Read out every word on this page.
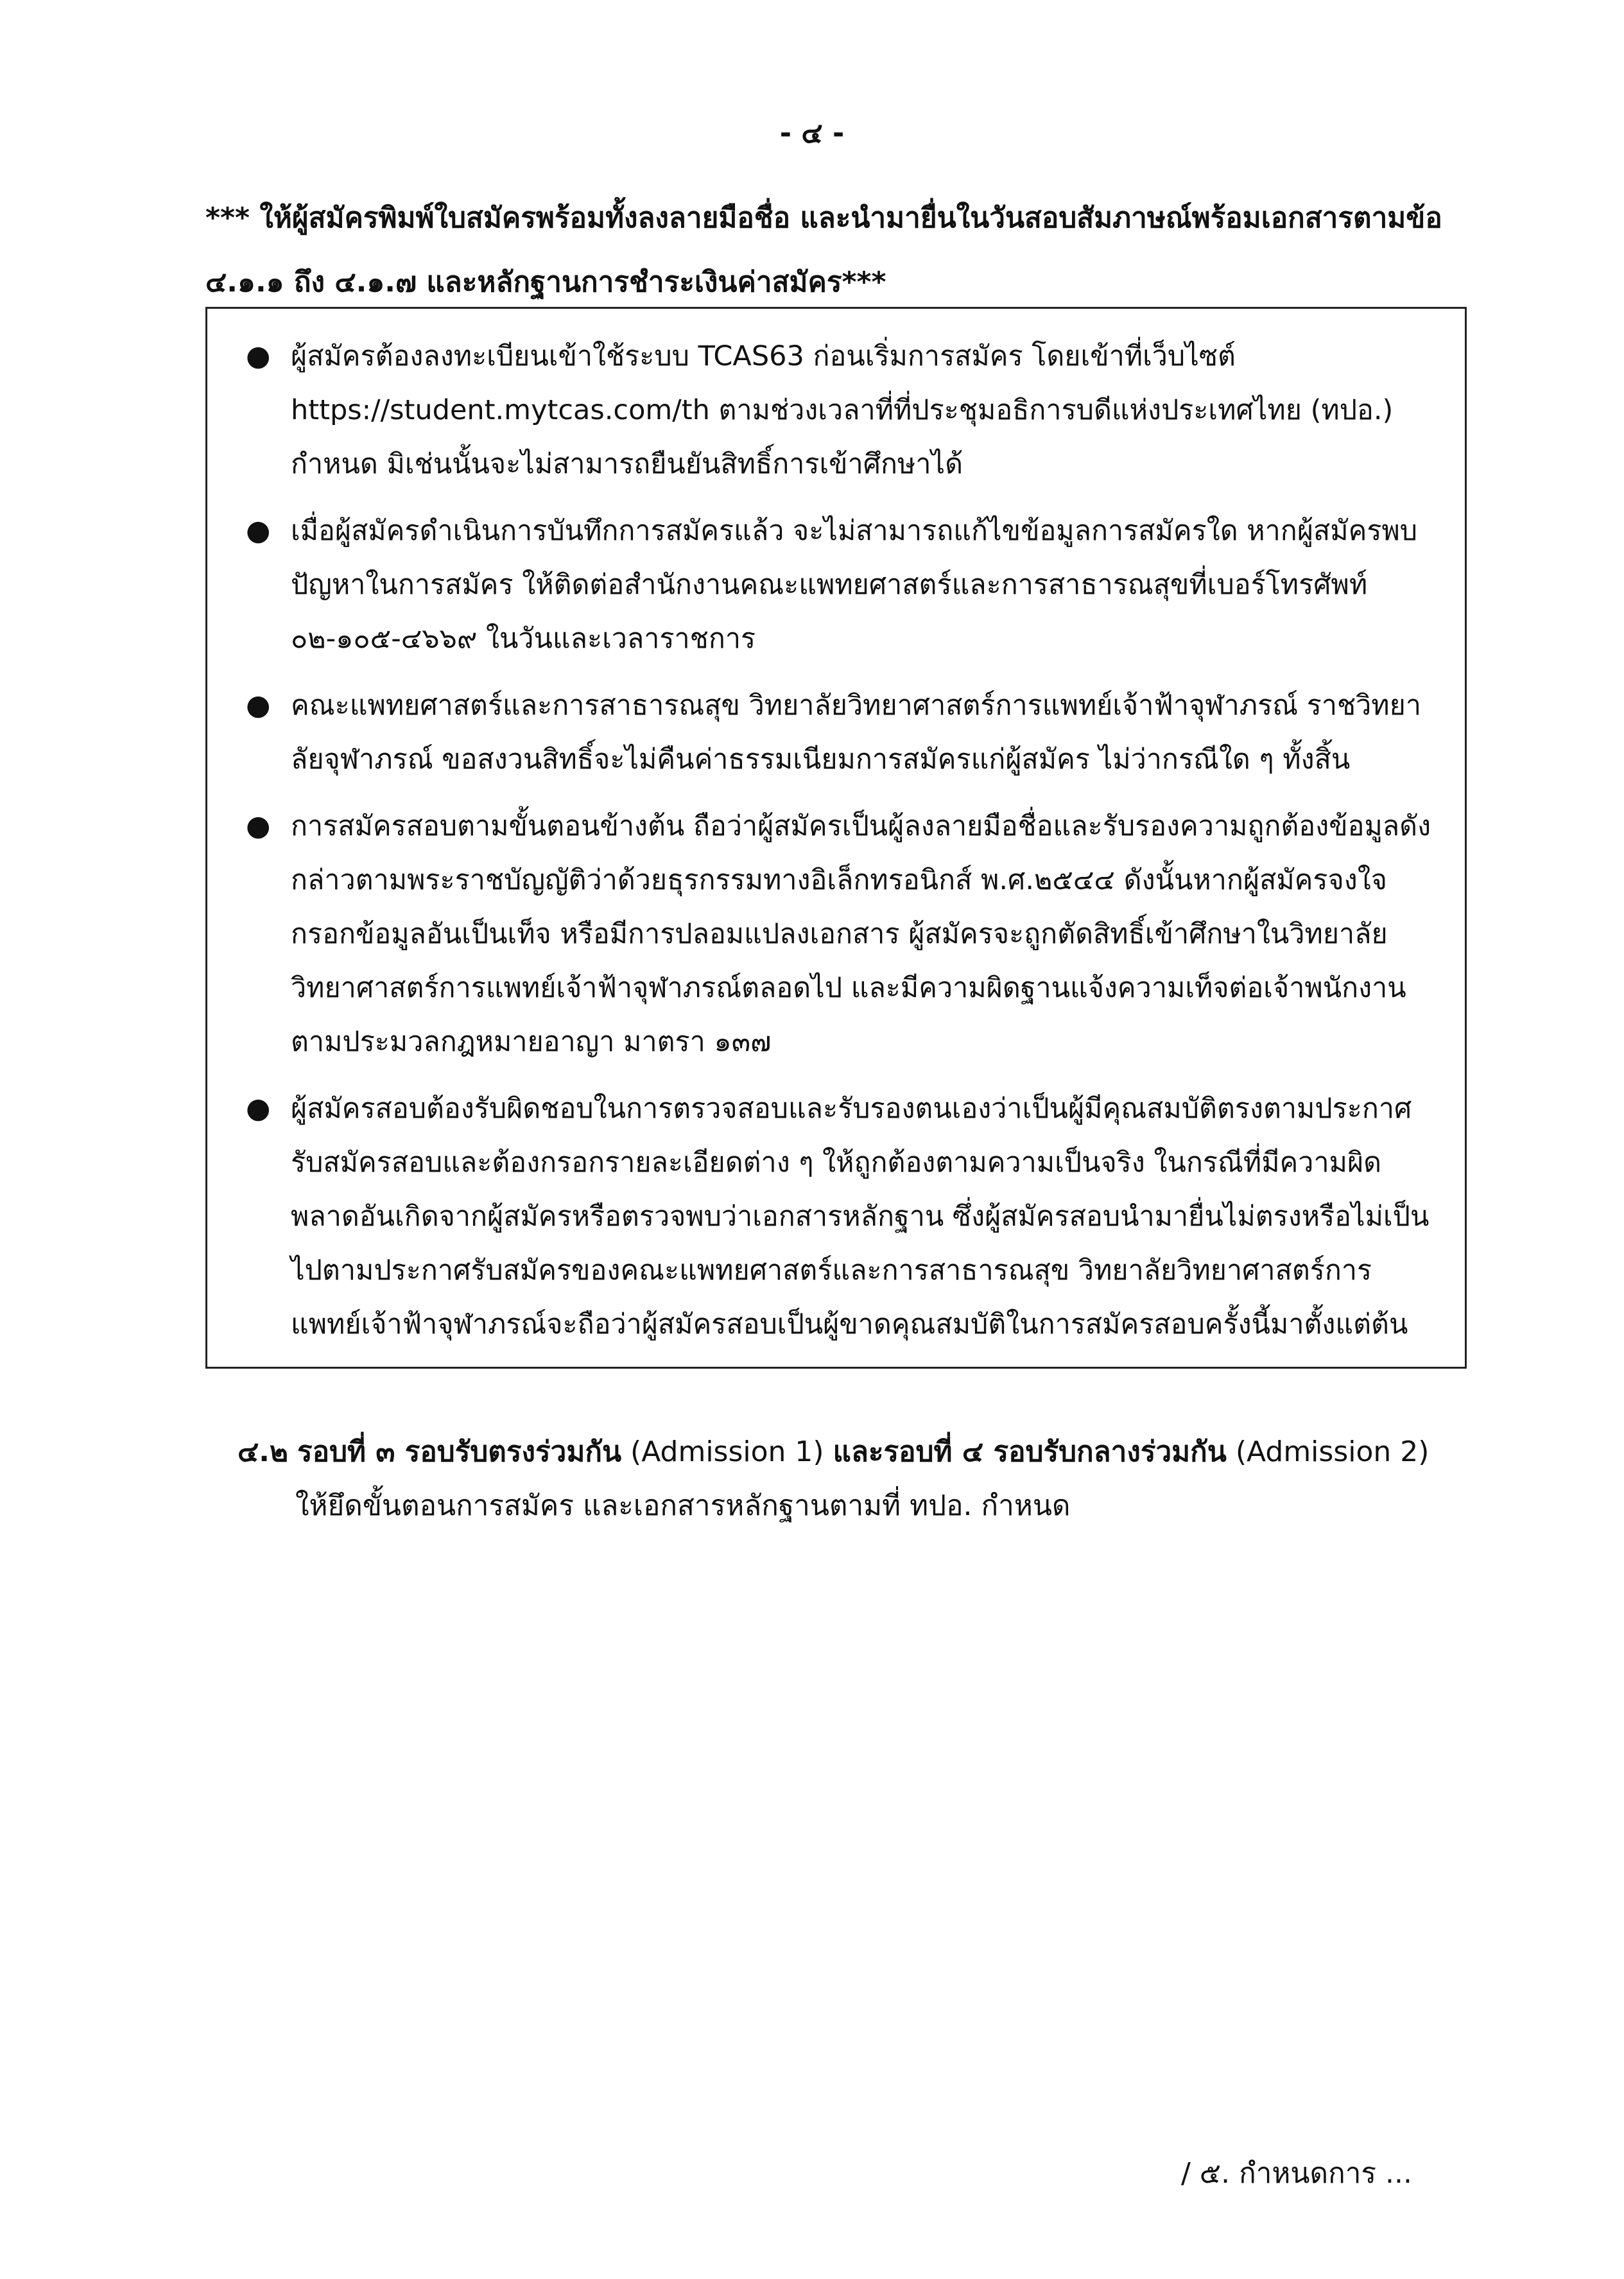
- ๔ -
*** ให้ผู้สมัครพิมพ์ใบสมัครพร้อมทั้งลงลายมือชื่อ และนำมายื่นในวันสอบสัมภาษณ์พร้อมเอกสารตามข้อ
๔.๑.๑ ถึง ๔.๑.๗ และหลักฐานการชำระเงินค่าสมัคร***
● ผู้สมัครต้องลงทะเบียนเข้าใช้ระบบ TCAS63 ก่อนเริ่มการสมัคร โดยเข้าที่เว็บไซต์ https://student.mytcas.com/th ตามช่วงเวลาที่ที่ประชุมอธิการบดีแห่งประเทศไทย (ทปอ.) กำหนด มิเช่นนั้นจะไม่สามารถยืนยันสิทธิ์การเข้าศึกษาได้
● เมื่อผู้สมัครดำเนินการบันทึกการสมัครแล้ว จะไม่สามารถแก้ไขข้อมูลการสมัครใด หากผู้สมัครพบปัญหาในการสมัคร ให้ติดต่อสำนักงานคณะแพทยศาสตร์และการสาธารณสุขที่เบอร์โทรศัพท์ ๐๒-๑๐๕-๔๖๖๙ ในวันและเวลาราชการ
● คณะแพทยศาสตร์และการสาธารณสุข วิทยาลัยวิทยาศาสตร์การแพทย์เจ้าฟ้าจุฬาภรณ์ ราชวิทยาลัยจุฬาภรณ์ ขอสงวนสิทธิ์จะไม่คืนค่าธรรมเนียมการสมัครแก่ผู้สมัคร ไม่ว่ากรณีใด ๆ ทั้งสิ้น
● การสมัครสอบตามขั้นตอนข้างต้น ถือว่าผู้สมัครเป็นผู้ลงลายมือชื่อและรับรองความถูกต้องข้อมูลดังกล่าวตามพระราชบัญญัติว่าด้วยธุรกรรมทางอิเล็กทรอนิกส์ พ.ศ.๒๕๔๔ ดังนั้นหากผู้สมัครจงใจกรอกข้อมูลอันเป็นเท็จ หรือมีการปลอมแปลงเอกสาร ผู้สมัครจะถูกตัดสิทธิ์เข้าศึกษาในวิทยาลัยวิทยาศาสตร์การแพทย์เจ้าฟ้าจุฬาภรณ์ตลอดไป และมีความผิดฐานแจ้งความเท็จต่อเจ้าพนักงานตามประมวลกฎหมายอาญา มาตรา ๑๓๗
● ผู้สมัครสอบต้องรับผิดชอบในการตรวจสอบและรับรองตนเองว่าเป็นผู้มีคุณสมบัติตรงตามประกาศรับสมัครสอบและต้องกรอกรายละเอียดต่าง ๆ ให้ถูกต้องตามความเป็นจริง ในกรณีที่มีความผิดพลาดอันเกิดจากผู้สมัครหรือตรวจพบว่าเอกสารหลักฐาน ซึ่งผู้สมัครสอบนำมายื่นไม่ตรงหรือไม่เป็นไปตามประกาศรับสมัครของคณะแพทยศาสตร์และการสาธารณสุข วิทยาลัยวิทยาศาสตร์การแพทย์เจ้าฟ้าจุฬาภรณ์จะถือว่าผู้สมัครสอบเป็นผู้ขาดคุณสมบัติในการสมัครสอบครั้งนี้มาตั้งแต่ต้น
๔.๒ รอบที่ ๓ รอบรับตรงร่วมกัน (Admission 1) และรอบที่ ๔ รอบรับกลางร่วมกัน (Admission 2)
ให้ยึดขั้นตอนการสมัคร และเอกสารหลักฐานตามที่ ทปอ. กำหนด
/ ๕. กำหนดการ ...
